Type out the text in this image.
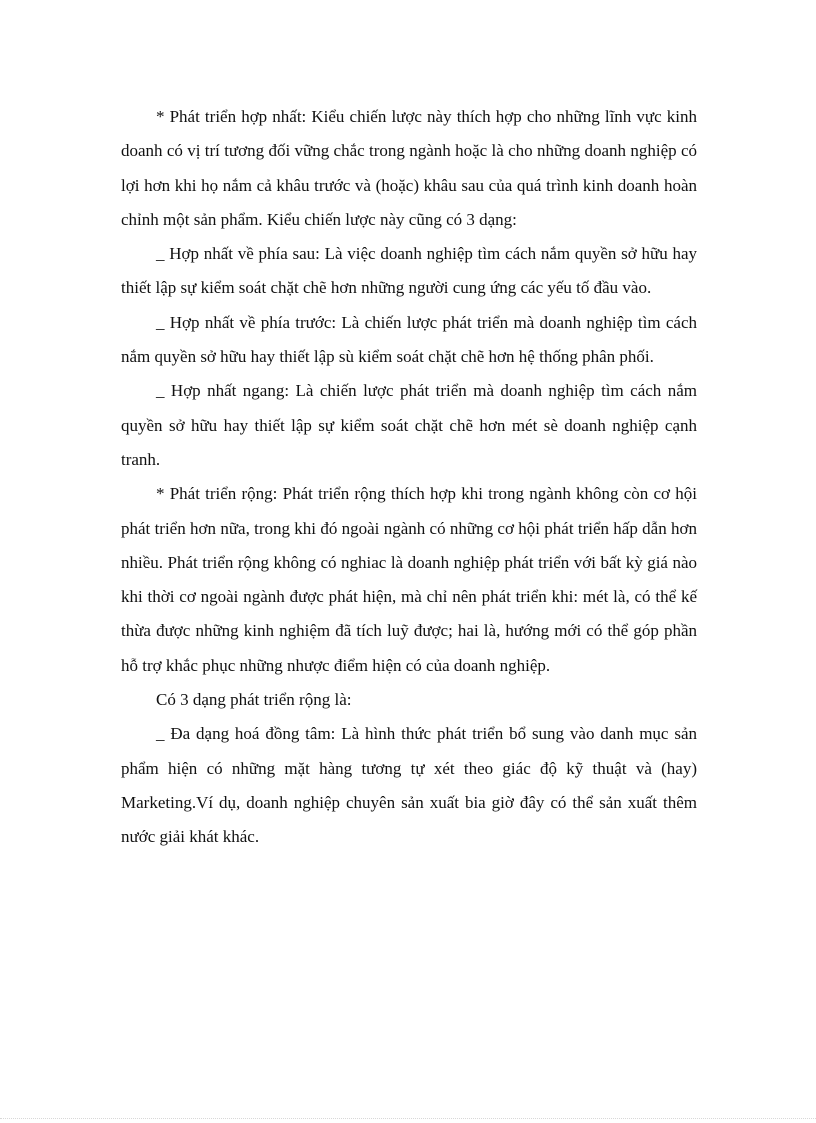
* Phát triển hợp nhất: Kiểu chiến lược này thích hợp cho những lĩnh vực kinh doanh có vị trí tương đối vững chắc trong ngành hoặc là cho những doanh nghiệp có lợi hơn khi họ nắm cả khâu trước và (hoặc) khâu sau của quá trình kinh doanh hoàn chỉnh một sản phẩm. Kiểu chiến lược này cũng có 3 dạng:

_ Hợp nhất về phía sau: Là việc doanh nghiệp tìm cách nắm quyền sở hữu hay thiết lập sự kiểm soát chặt chẽ hơn những người cung ứng các yếu tố đầu vào.

_ Hợp nhất về phía trước: Là chiến lược phát triển mà doanh nghiệp tìm cách nắm quyền sở hữu hay thiết lập sù kiểm soát chặt chẽ hơn hệ thống phân phối.

_ Hợp nhất ngang: Là chiến lược phát triển mà doanh nghiệp tìm cách nắm quyền sở hữu hay thiết lập sự kiểm soát chặt chẽ hơn mét sè doanh nghiệp cạnh tranh.

* Phát triển rộng: Phát triển rộng thích hợp khi trong ngành không còn cơ hội phát triển hơn nữa, trong khi đó ngoài ngành có những cơ hội phát triển hấp dẫn hơn nhiều. Phát triển rộng không có nghiac là doanh nghiệp phát triển với bất kỳ giá nào khi thời cơ ngoài ngành được phát hiện, mà chỉ nên phát triển khi: mét là, có thể kế thừa được những kinh nghiệm đã tích luỹ được; hai là, hướng mới có thể góp phần hỗ trợ khắc phục những nhược điểm hiện có của doanh nghiệp.

Có 3 dạng phát triển rộng là:

_ Đa dạng hoá đồng tâm: Là hình thức phát triển bổ sung vào danh mục sản phẩm hiện có những mặt hàng tương tự xét theo giác độ kỹ thuật và (hay) Marketing.Ví dụ, doanh nghiệp chuyên sản xuất bia giờ đây có thể sản xuất thêm nước giải khát khác.
